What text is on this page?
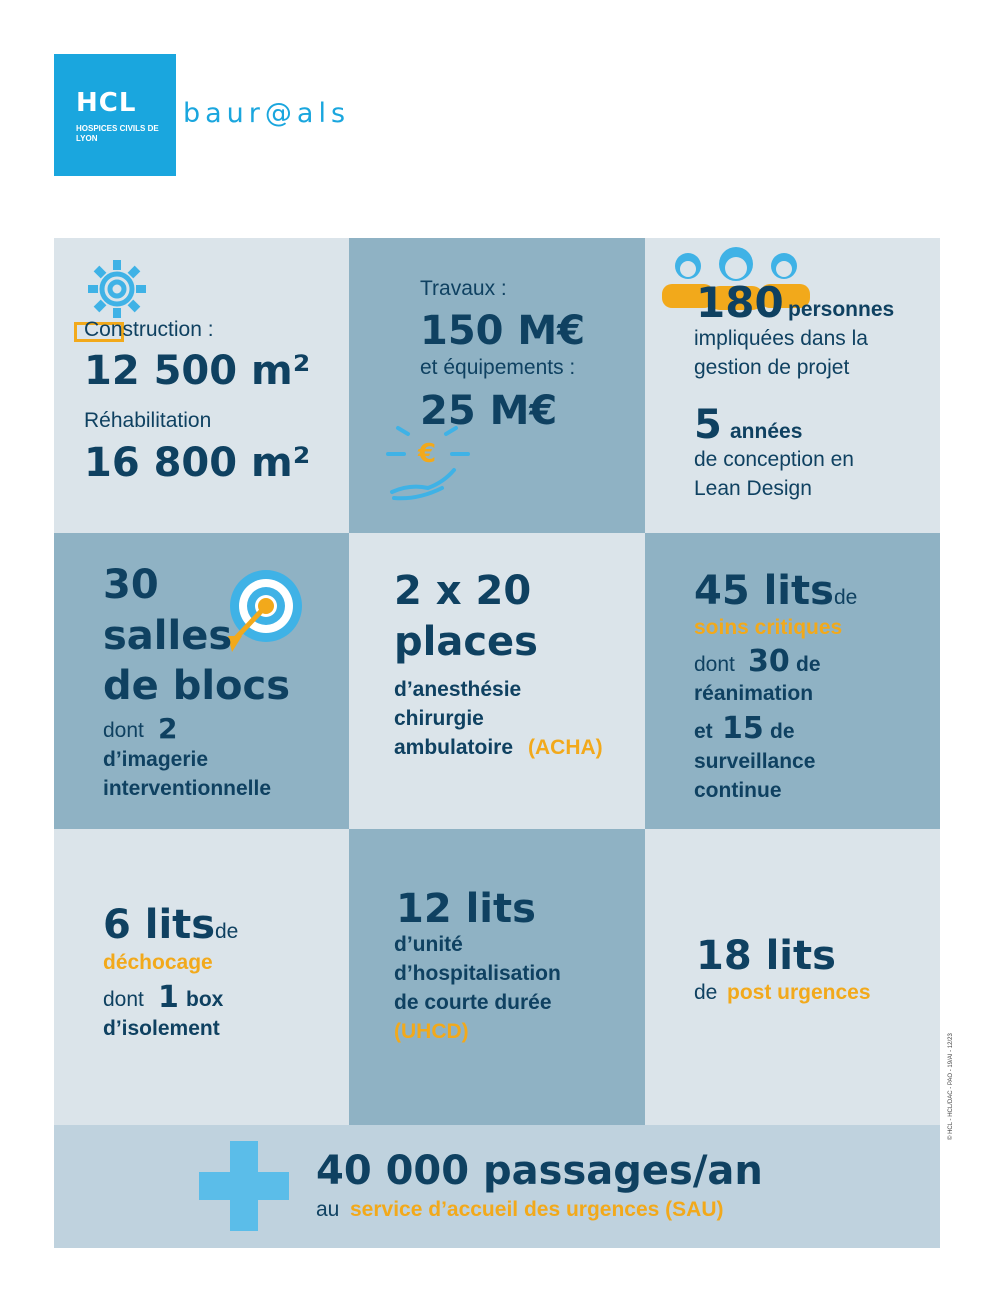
HCL
HOSPICES CIVILS DE LYON
baur@als
Construction :
12 500 m²
Réhabilitation
16 800 m²
Travaux :
150 M€
et équipements :
25 M€
€
180 personnes
impliquées dans la
gestion de projet
5 années
de conception en
Lean Design
30
salles
de blocs
dont 2
d’imagerie
interventionnelle
2 x 20
places
d’anesthésie
chirurgie
ambulatoire (ACHA)
45 lits de
soins critiques
dont 30 de
réanimation
et 15 de
surveillance
continue
6 lits de
déchocage
dont 1 box
d’isolement
12 lits
d’unité
d’hospitalisation
de courte durée
(UHCD)
18 lits
de post urgences
40 000 passages/an
au service d’accueil des urgences (SAU)
© HCL - HCL/DAC - PAO - 19/AI - 12/23
